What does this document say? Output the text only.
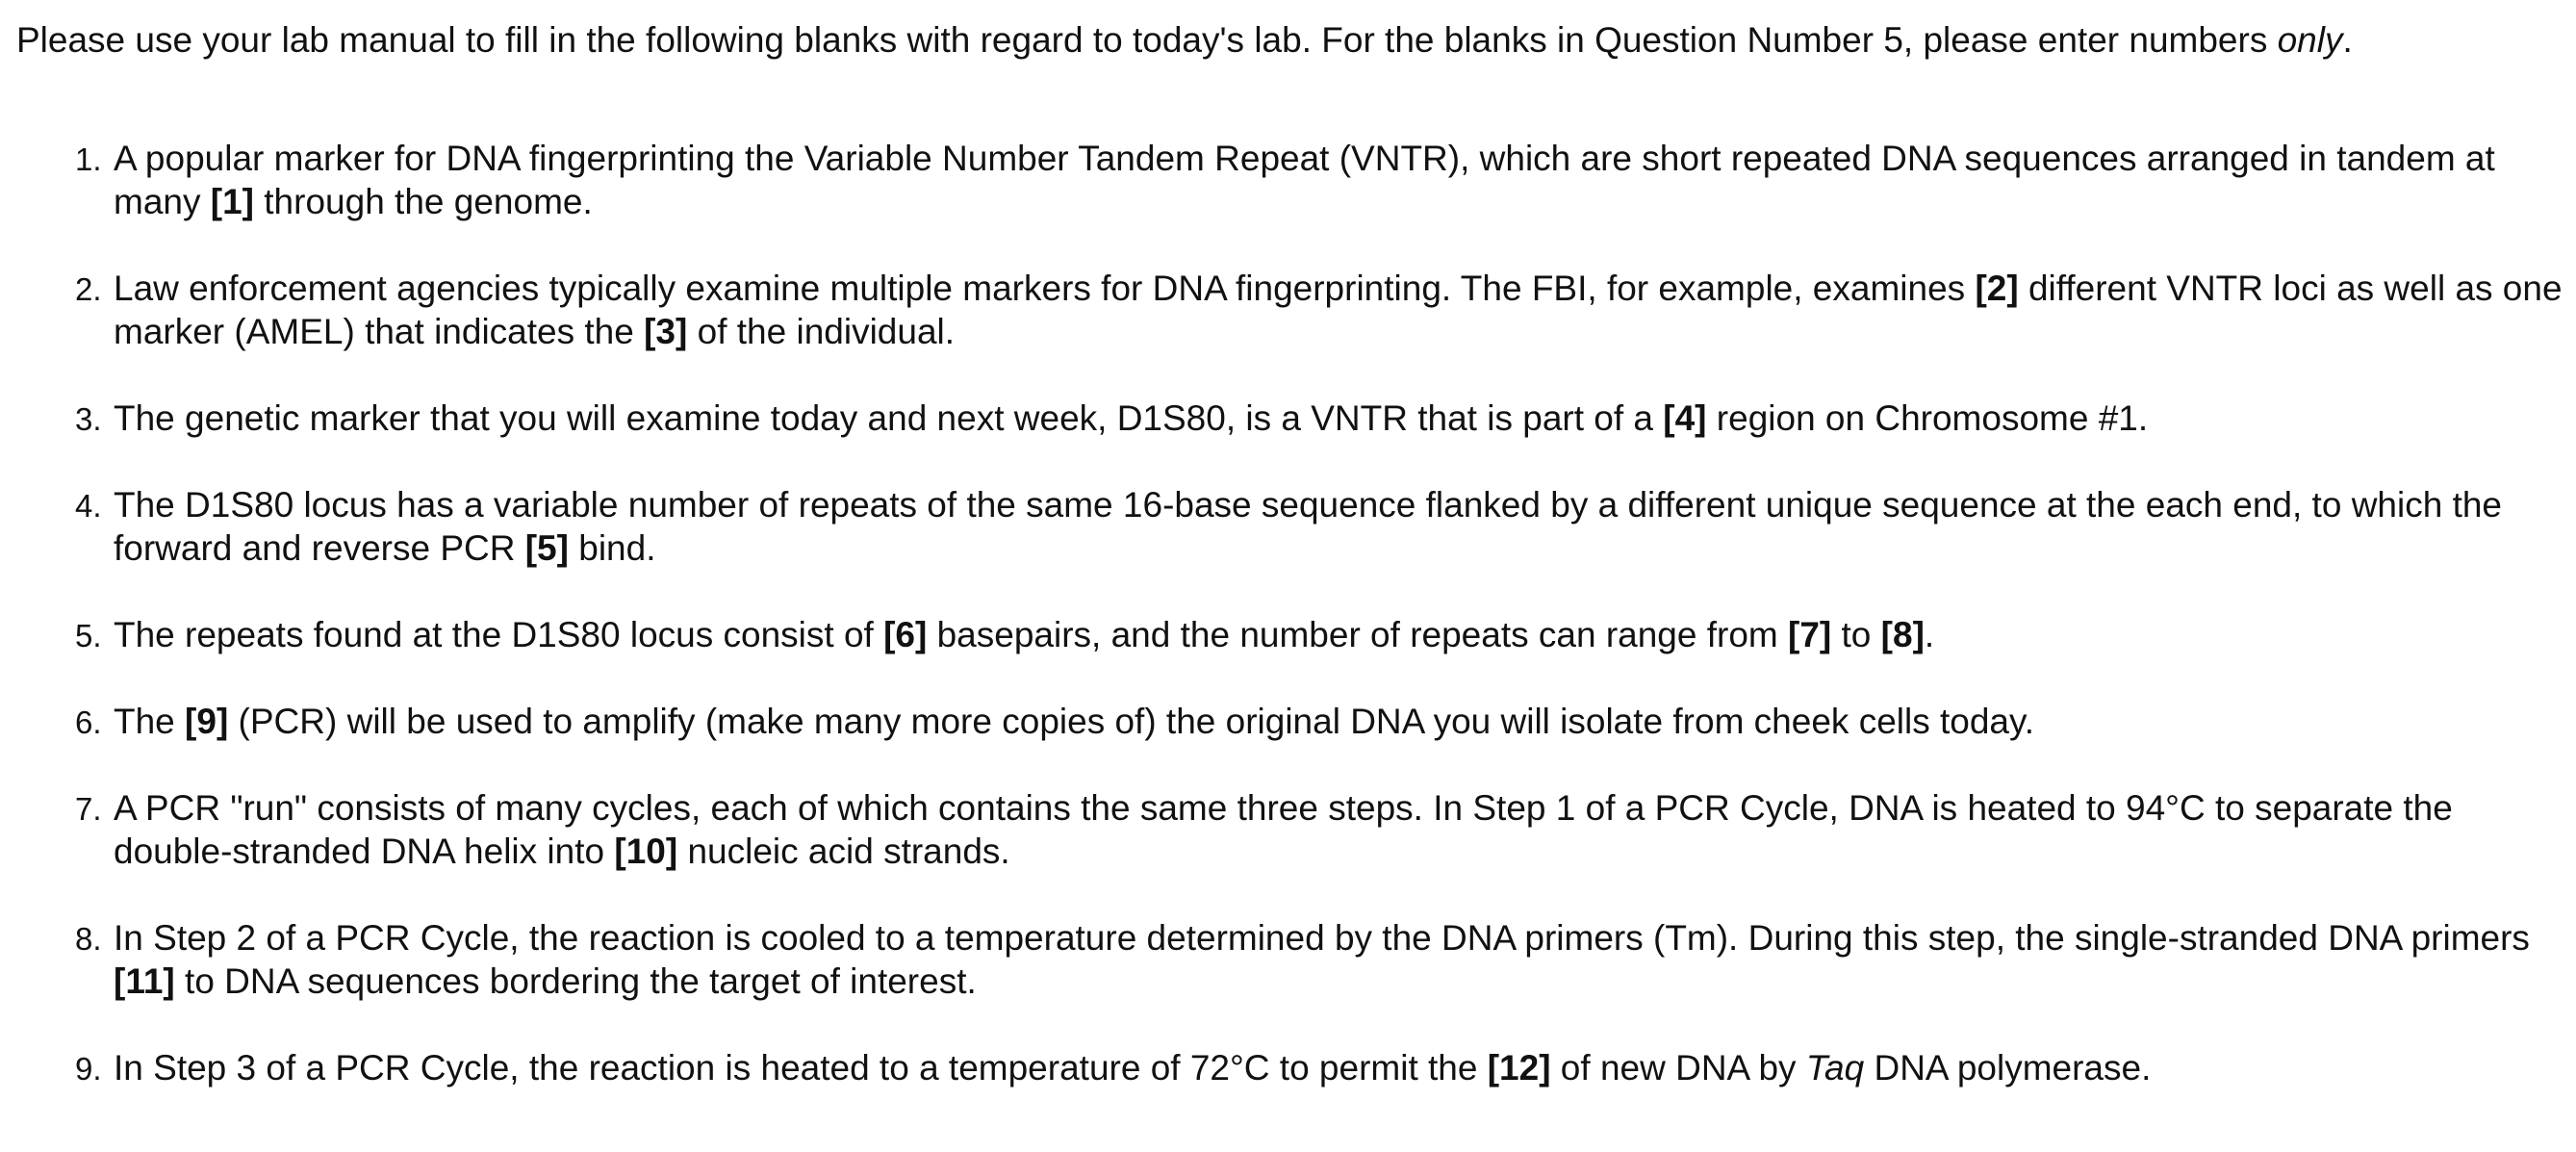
Please use your lab manual to fill in the following blanks with regard to today's lab. For the blanks in Question Number 5, please enter numbers only.

1. A popular marker for DNA fingerprinting the Variable Number Tandem Repeat (VNTR), which are short repeated DNA sequences arranged in tandem at many [1] through the genome.
2. Law enforcement agencies typically examine multiple markers for DNA fingerprinting. The FBI, for example, examines [2] different VNTR loci as well as one marker (AMEL) that indicates the [3] of the individual.
3. The genetic marker that you will examine today and next week, D1S80, is a VNTR that is part of a [4] region on Chromosome #1.
4. The D1S80 locus has a variable number of repeats of the same 16-base sequence flanked by a different unique sequence at the each end, to which the forward and reverse PCR [5] bind.
5. The repeats found at the D1S80 locus consist of [6] basepairs, and the number of repeats can range from [7] to [8].
6. The [9] (PCR) will be used to amplify (make many more copies of) the original DNA you will isolate from cheek cells today.
7. A PCR "run" consists of many cycles, each of which contains the same three steps. In Step 1 of a PCR Cycle, DNA is heated to 94°C to separate the double-stranded DNA helix into [10] nucleic acid strands.
8. In Step 2 of a PCR Cycle, the reaction is cooled to a temperature determined by the DNA primers (Tm). During this step, the single-stranded DNA primers [11] to DNA sequences bordering the target of interest.
9. In Step 3 of a PCR Cycle, the reaction is heated to a temperature of 72°C to permit the [12] of new DNA by Taq DNA polymerase.
